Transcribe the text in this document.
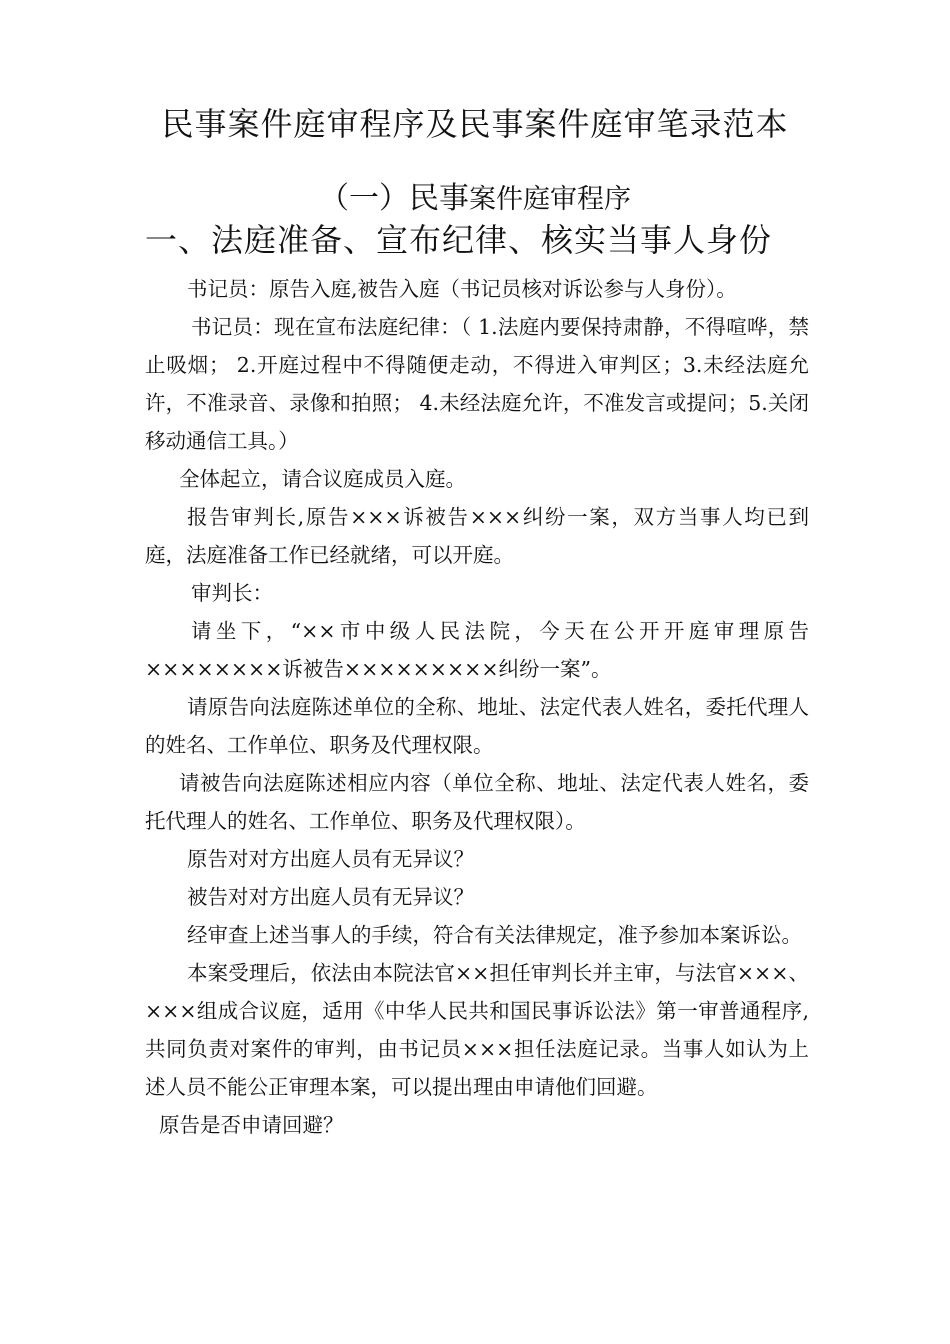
民事案件庭审程序及民事案件庭审笔录范本
（一）民事案件庭审程序
一、法庭准备、宣布纪律、核实当事人身份

书记员：原告入庭,被告入庭（书记员核对诉讼参与人身份）。

书记员：现在宣布法庭纪律：（ 1.法庭内要保持肃静，不得喧哗，禁止吸烟； 2.开庭过程中不得随便走动，不得进入审判区；3.未经法庭允许，不准录音、录像和拍照； 4.未经法庭允许，不准发言或提问；5.关闭移动通信工具。）

全体起立，请合议庭成员入庭。

报告审判长,原告×××诉被告×××纠纷一案，双方当事人均已到庭，法庭准备工作已经就绪，可以开庭。

审判长：

请坐下，“××市中级人民法院，今天在公开开庭审理原告××××××××诉被告×××××××××纠纷一案”。

请原告向法庭陈述单位的全称、地址、法定代表人姓名，委托代理人的姓名、工作单位、职务及代理权限。

请被告向法庭陈述相应内容（单位全称、地址、法定代表人姓名，委托代理人的姓名、工作单位、职务及代理权限）。

原告对对方出庭人员有无异议？

被告对对方出庭人员有无异议？

经审查上述当事人的手续，符合有关法律规定，准予参加本案诉讼。

本案受理后，依法由本院法官××担任审判长并主审，与法官×××、×××组成合议庭，适用《中华人民共和国民事诉讼法》第一审普通程序,共同负责对案件的审判，由书记员×××担任法庭记录。当事人如认为上述人员不能公正审理本案，可以提出理由申请他们回避。

原告是否申请回避？
